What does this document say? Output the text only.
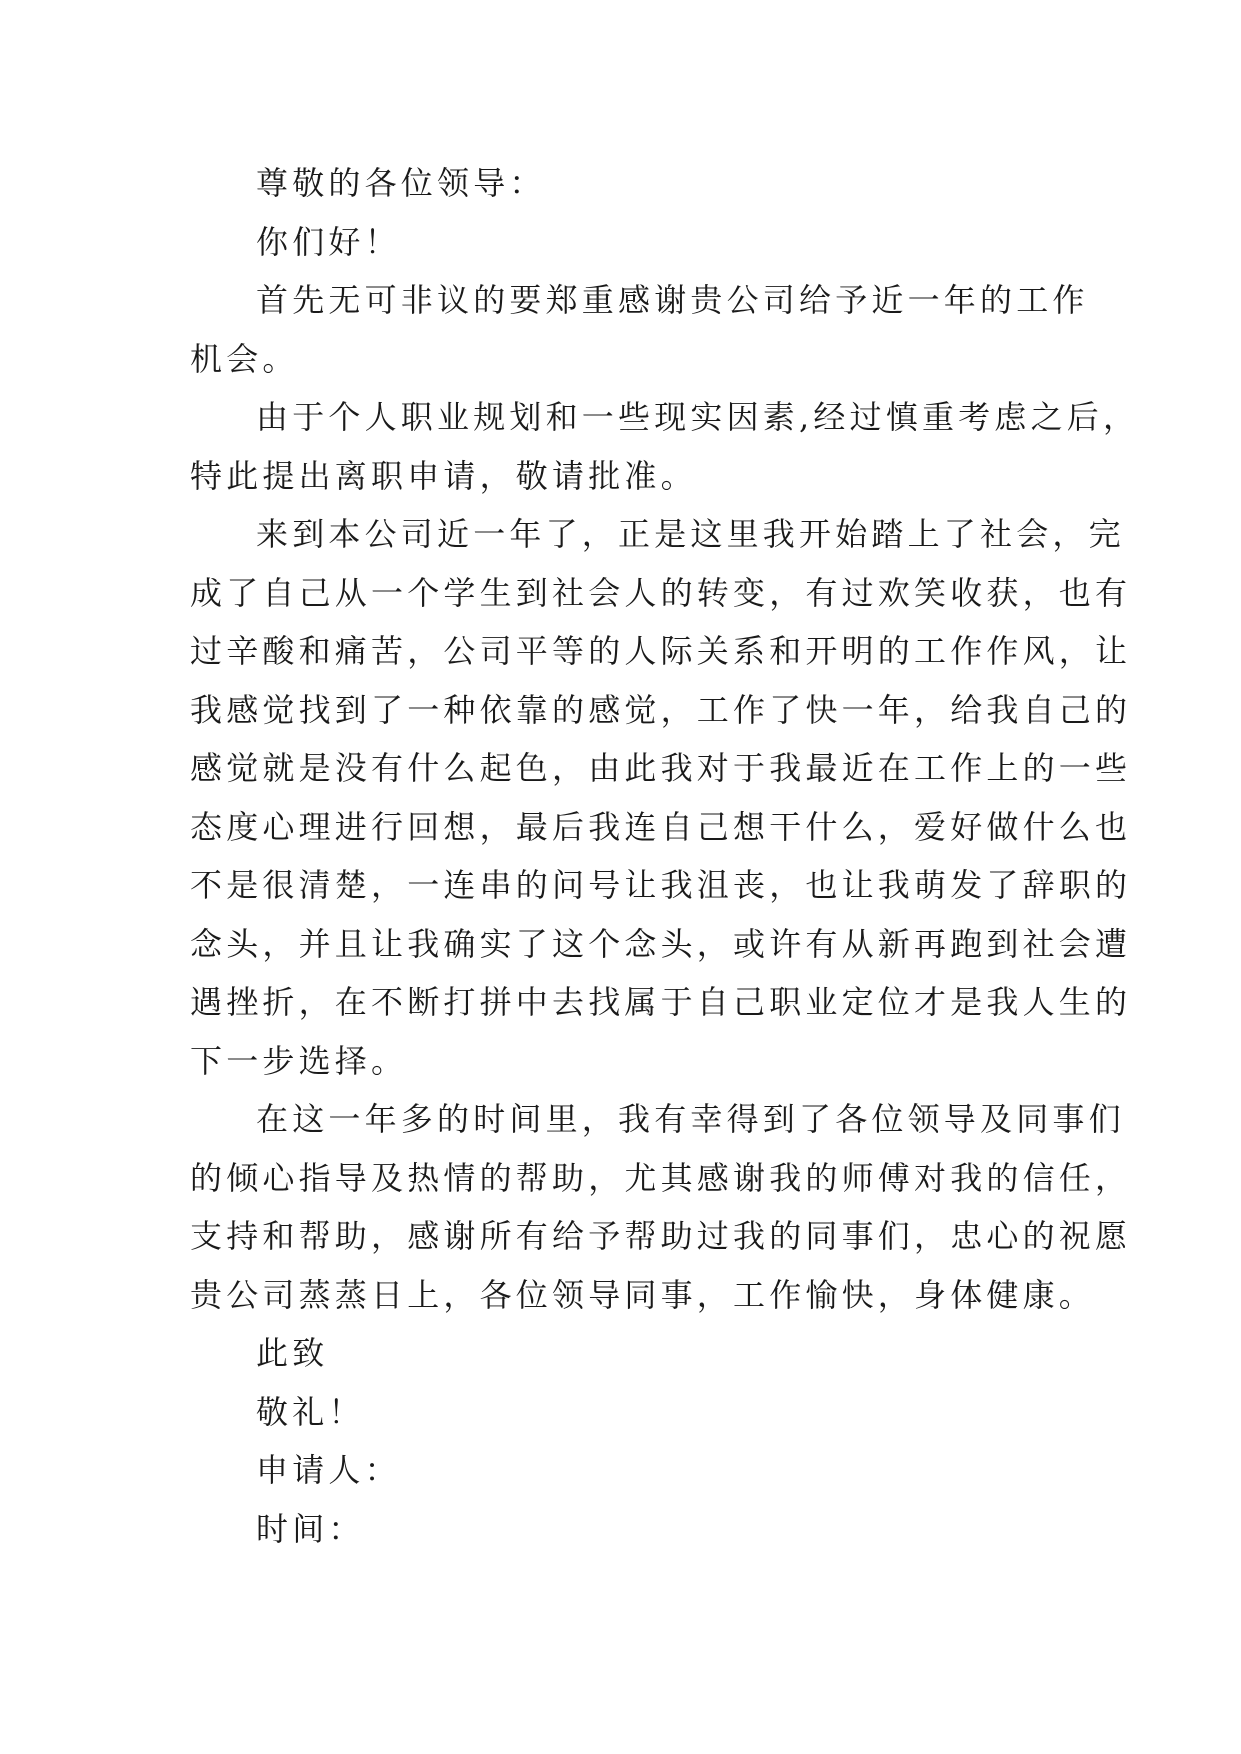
尊敬的各位领导：

你们好！

首先无可非议的要郑重感谢贵公司给予近一年的工作

机会。

由于个人职业规划和一些现实因素,经过慎重考虑之后，

特此提出离职申请，敬请批准。

来到本公司近一年了，正是这里我开始踏上了社会，完

成了自己从一个学生到社会人的转变，有过欢笑收获，也有

过辛酸和痛苦，公司平等的人际关系和开明的工作作风，让

我感觉找到了一种依靠的感觉，工作了快一年，给我自己的

感觉就是没有什么起色，由此我对于我最近在工作上的一些

态度心理进行回想，最后我连自己想干什么，爱好做什么也

不是很清楚，一连串的问号让我沮丧，也让我萌发了辞职的

念头，并且让我确实了这个念头，或许有从新再跑到社会遭

遇挫折，在不断打拼中去找属于自己职业定位才是我人生的

下一步选择。

在这一年多的时间里，我有幸得到了各位领导及同事们

的倾心指导及热情的帮助，尤其感谢我的师傅对我的信任，

支持和帮助，感谢所有给予帮助过我的同事们，忠心的祝愿

贵公司蒸蒸日上，各位领导同事，工作愉快，身体健康。

此致

敬礼！

申请人：

时间：
